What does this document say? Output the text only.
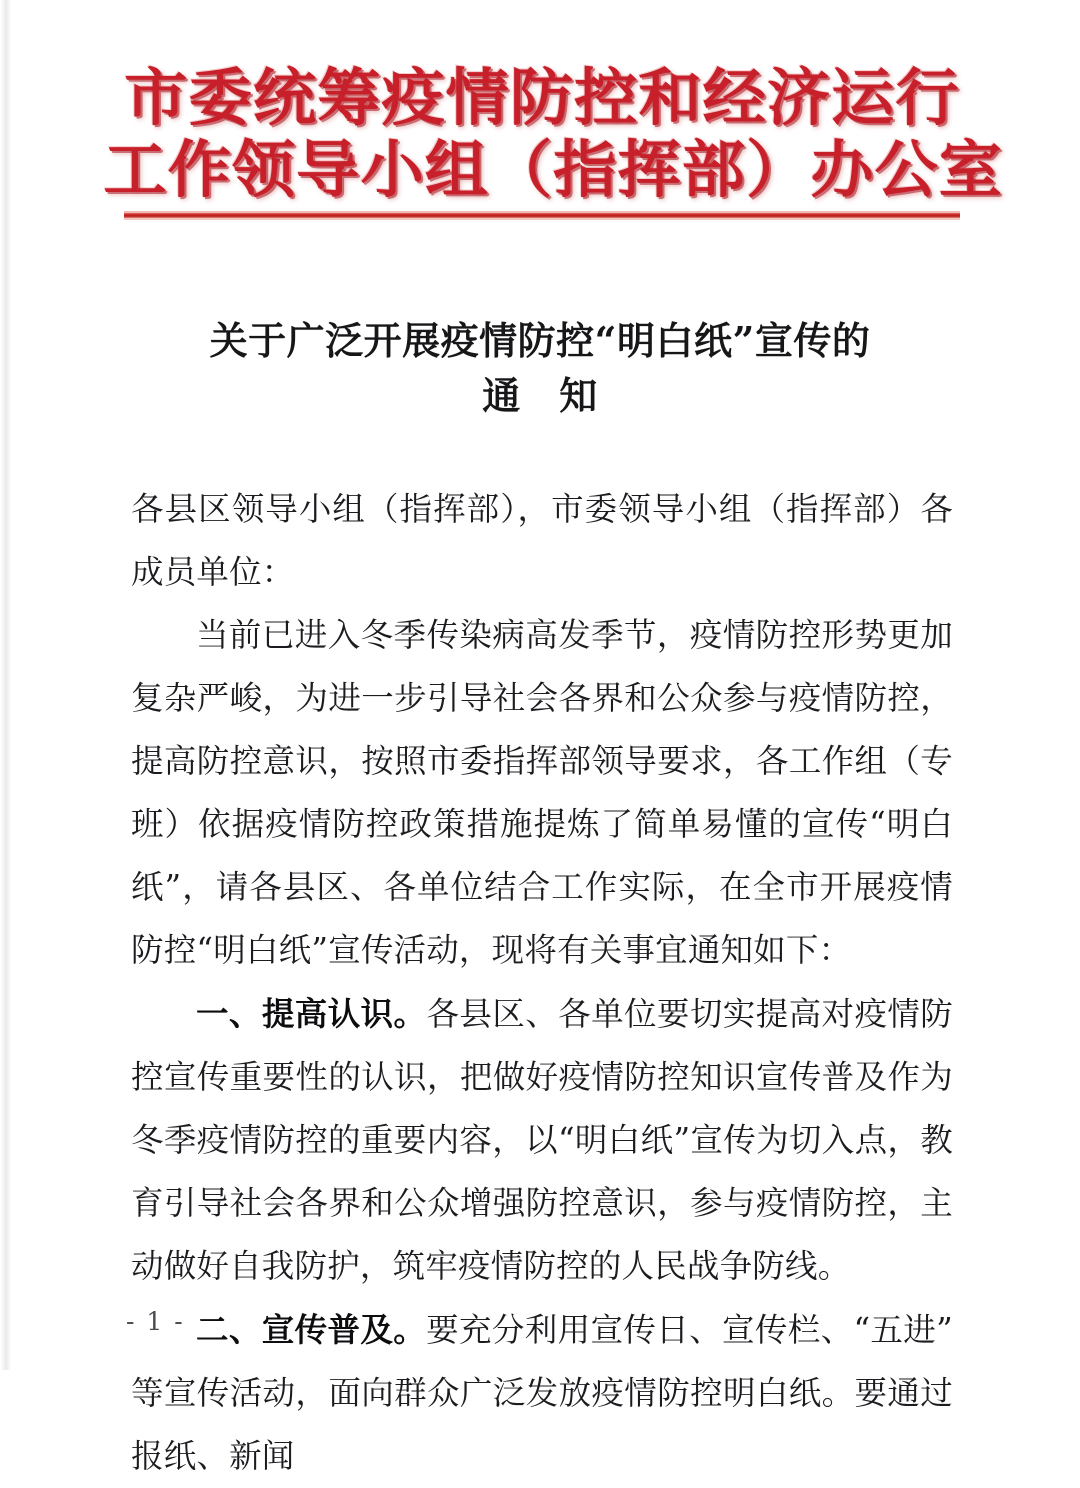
市委统筹疫情防控和经济运行
工作领导小组（指挥部）办公室
关于广泛开展疫情防控“明白纸”宣传的
通　知

各县区领导小组（指挥部），市委领导小组（指挥部）各成员单位：

当前已进入冬季传染病高发季节，疫情防控形势更加复杂严峻，为进一步引导社会各界和公众参与疫情防控，提高防控意识，按照市委指挥部领导要求，各工作组（专班）依据疫情防控政策措施提炼了简单易懂的宣传“明白纸”，请各县区、各单位结合工作实际，在全市开展疫情防控“明白纸”宣传活动，现将有关事宜通知如下：

一、提高认识。各县区、各单位要切实提高对疫情防控宣传重要性的认识，把做好疫情防控知识宣传普及作为冬季疫情防控的重要内容，以“明白纸”宣传为切入点，教育引导社会各界和公众增强防控意识，参与疫情防控，主动做好自我防护，筑牢疫情防控的人民战争防线。

二、宣传普及。要充分利用宣传日、宣传栏、“五进”等宣传活动，面向群众广泛发放疫情防控明白纸。要通过报纸、新闻

- 1 -
